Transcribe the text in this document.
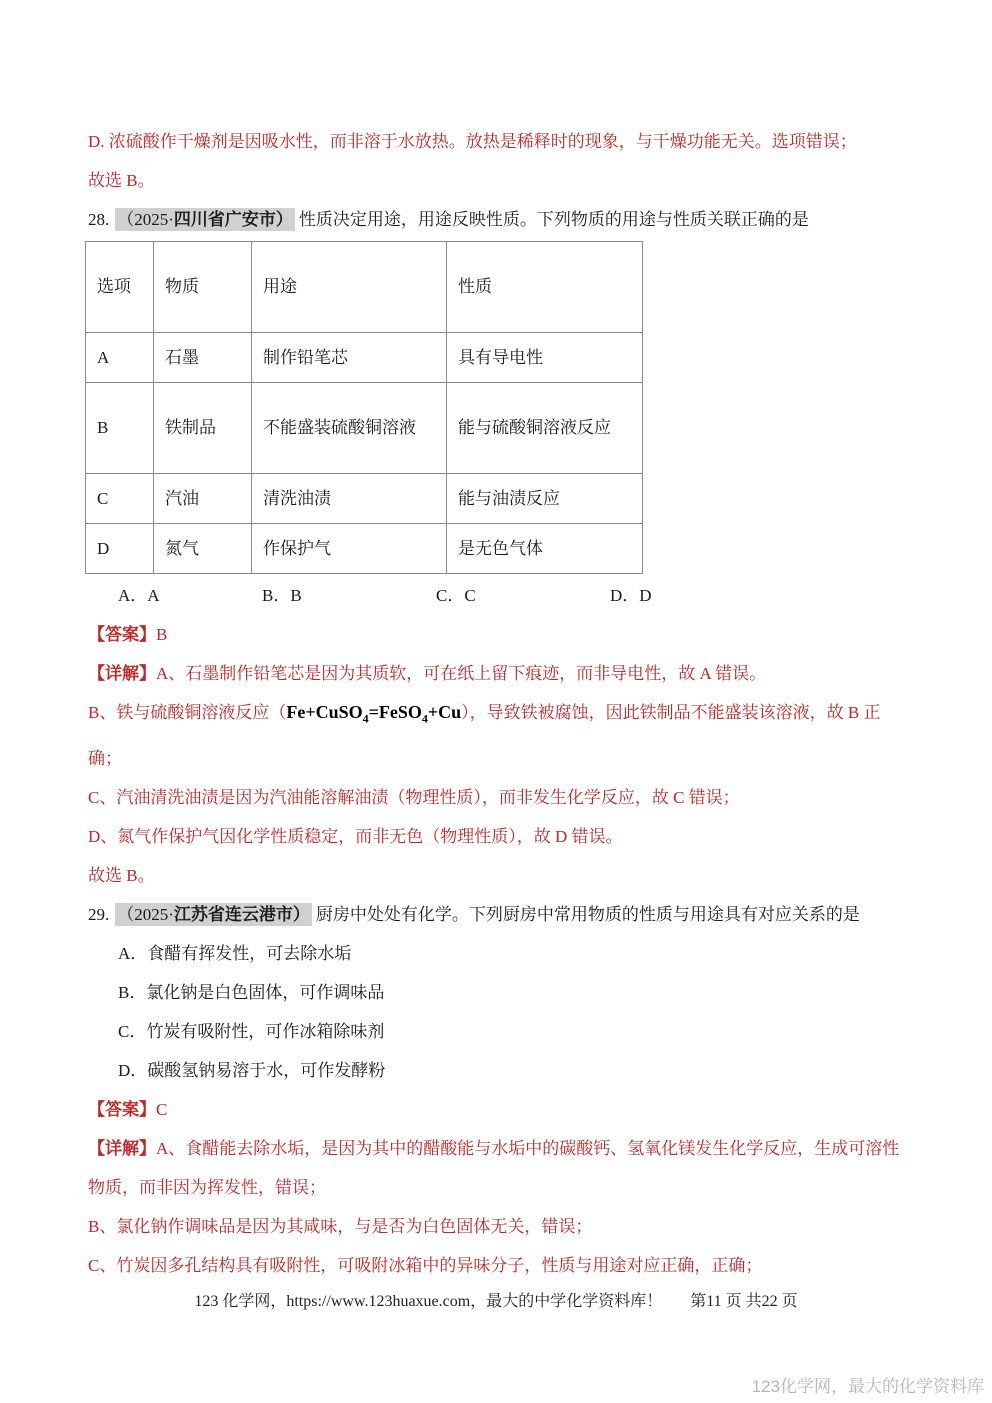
D. 浓硫酸作干燥剂是因吸水性，而非溶于水放热。放热是稀释时的现象，与干燥功能无关。选项错误；

故选 B。

28. （2025·四川省广安市） 性质决定用途，用途反映性质。下列物质的用途与性质关联正确的是

选项	物质	用途	性质
A	石墨	制作铅笔芯	具有导电性
B	铁制品	不能盛装硫酸铜溶液	能与硫酸铜溶液反应
C	汽油	清洗油渍	能与油渍反应
D	氮气	作保护气	是无色气体
A．A	B．B	C．C	D．D

【答案】B

【详解】A、石墨制作铅笔芯是因为其质软，可在纸上留下痕迹，而非导电性，故 A 错误。

B、铁与硫酸铜溶液反应（Fe+CuSO$_4$=FeSO$_4$+Cu），导致铁被腐蚀，因此铁制品不能盛装该溶液，故 B 正确；

C、汽油清洗油渍是因为汽油能溶解油渍（物理性质），而非发生化学反应，故 C 错误；

D、氮气作保护气因化学性质稳定，而非无色（物理性质），故 D 错误。

故选 B。

29. （2025·江苏省连云港市） 厨房中处处有化学。下列厨房中常用物质的性质与用途具有对应关系的是

A．食醋有挥发性，可去除水垢

B．氯化钠是白色固体，可作调味品

C．竹炭有吸附性，可作冰箱除味剂

D．碳酸氢钠易溶于水，可作发酵粉

【答案】C

【详解】A、食醋能去除水垢，是因为其中的醋酸能与水垢中的碳酸钙、氢氧化镁发生化学反应，生成可溶性物质，而非因为挥发性，错误；

B、氯化钠作调味品是因为其咸味，与是否为白色固体无关，错误；

C、竹炭因多孔结构具有吸附性，可吸附冰箱中的异味分子，性质与用途对应正确，正确；

123 化学网，https://www.123huaxue.com，最大的中学化学资料库！ 第11 页 共22 页
123化学网，最大的化学资料库
